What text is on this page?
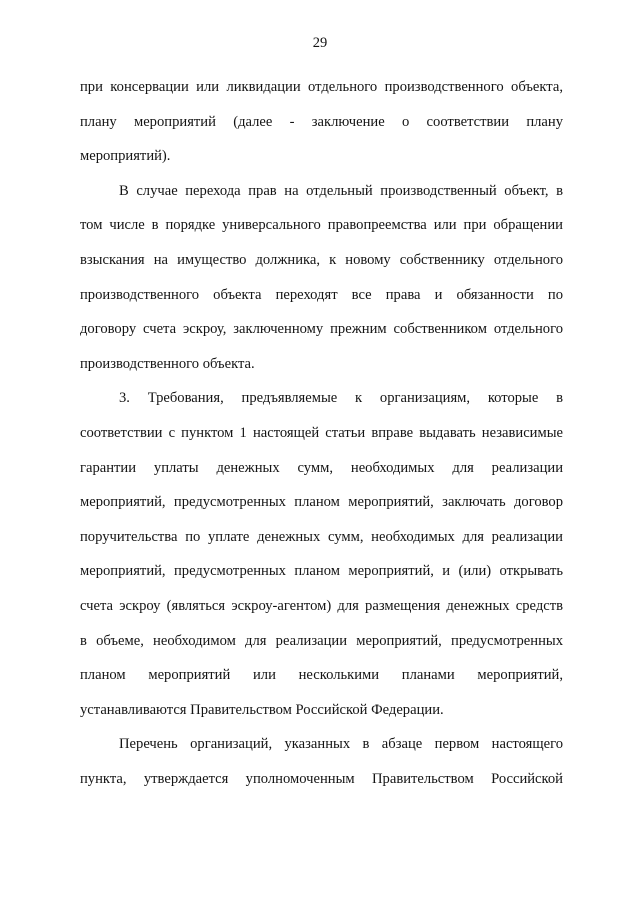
29
при консервации или ликвидации отдельного производственного объекта,
плану мероприятий (далее - заключение о соответствии плану
мероприятий).
В случае перехода прав на отдельный производственный объект, в
том числе в порядке универсального правопреемства или при обращении
взыскания на имущество должника, к новому собственнику отдельного
производственного объекта переходят все права и обязанности по
договору счета эскроу, заключенному прежним собственником отдельного
производственного объекта.
3. Требования, предъявляемые к организациям, которые в
соответствии с пунктом 1 настоящей статьи вправе выдавать независимые
гарантии уплаты денежных сумм, необходимых для реализации
мероприятий, предусмотренных планом мероприятий, заключать договор
поручительства по уплате денежных сумм, необходимых для реализации
мероприятий, предусмотренных планом мероприятий, и (или) открывать
счета эскроу (являться эскроу-агентом) для размещения денежных средств
в объеме, необходимом для реализации мероприятий, предусмотренных
планом мероприятий или несколькими планами мероприятий,
устанавливаются Правительством Российской Федерации.
Перечень организаций, указанных в абзаце первом настоящего
пункта, утверждается уполномоченным Правительством Российской
